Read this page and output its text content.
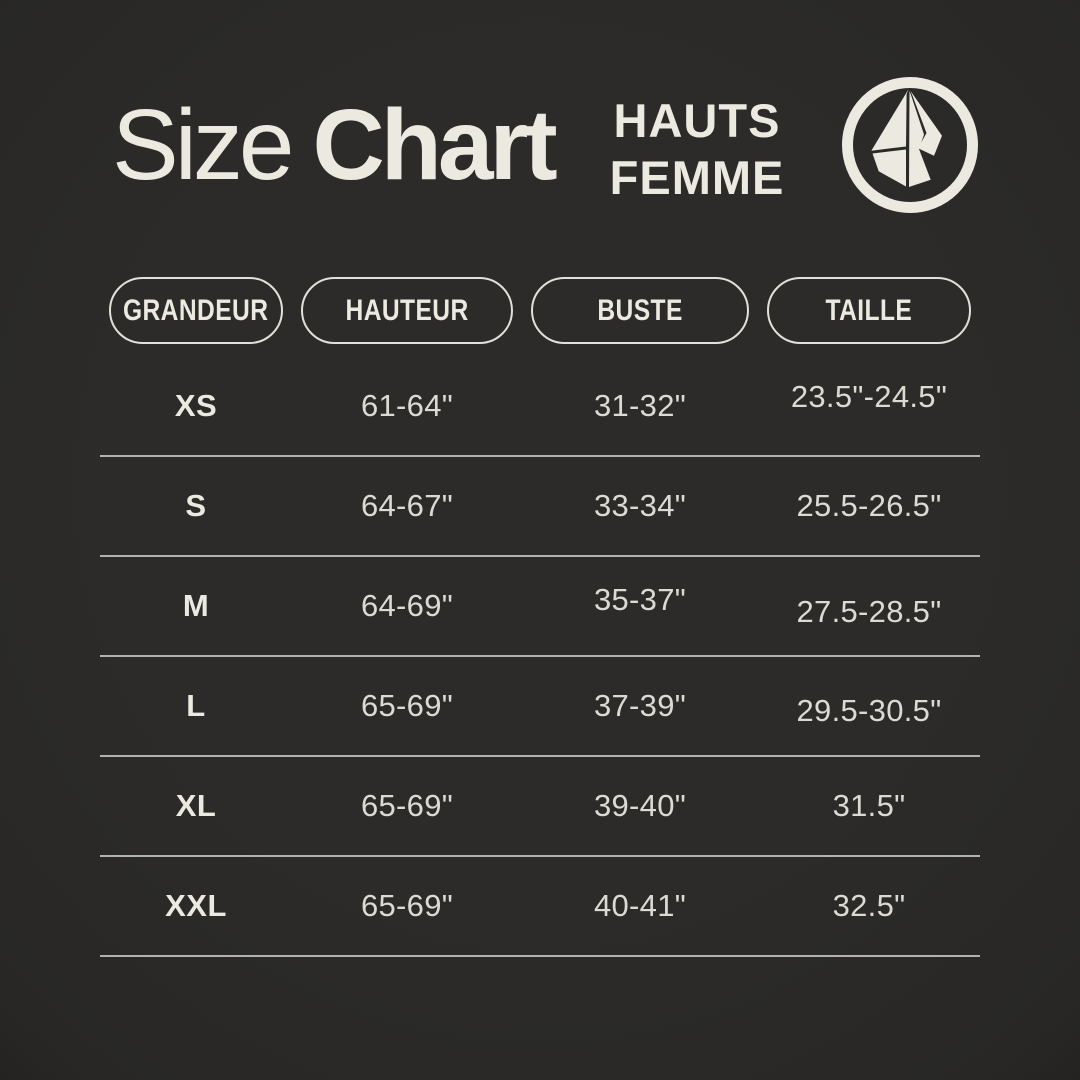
Size Chart	HAUTS
FEMME
GRANDEUR	HAUTEUR	BUSTE	TAILLE
XS	61-64"	31-32"	23.5"-24.5"
S	64-67"	33-34"	25.5-26.5"
M	64-69"	35-37"	27.5-28.5"
L	65-69"	37-39"	29.5-30.5"
XL	65-69"	39-40"	31.5"
XXL	65-69"	40-41"	32.5"
